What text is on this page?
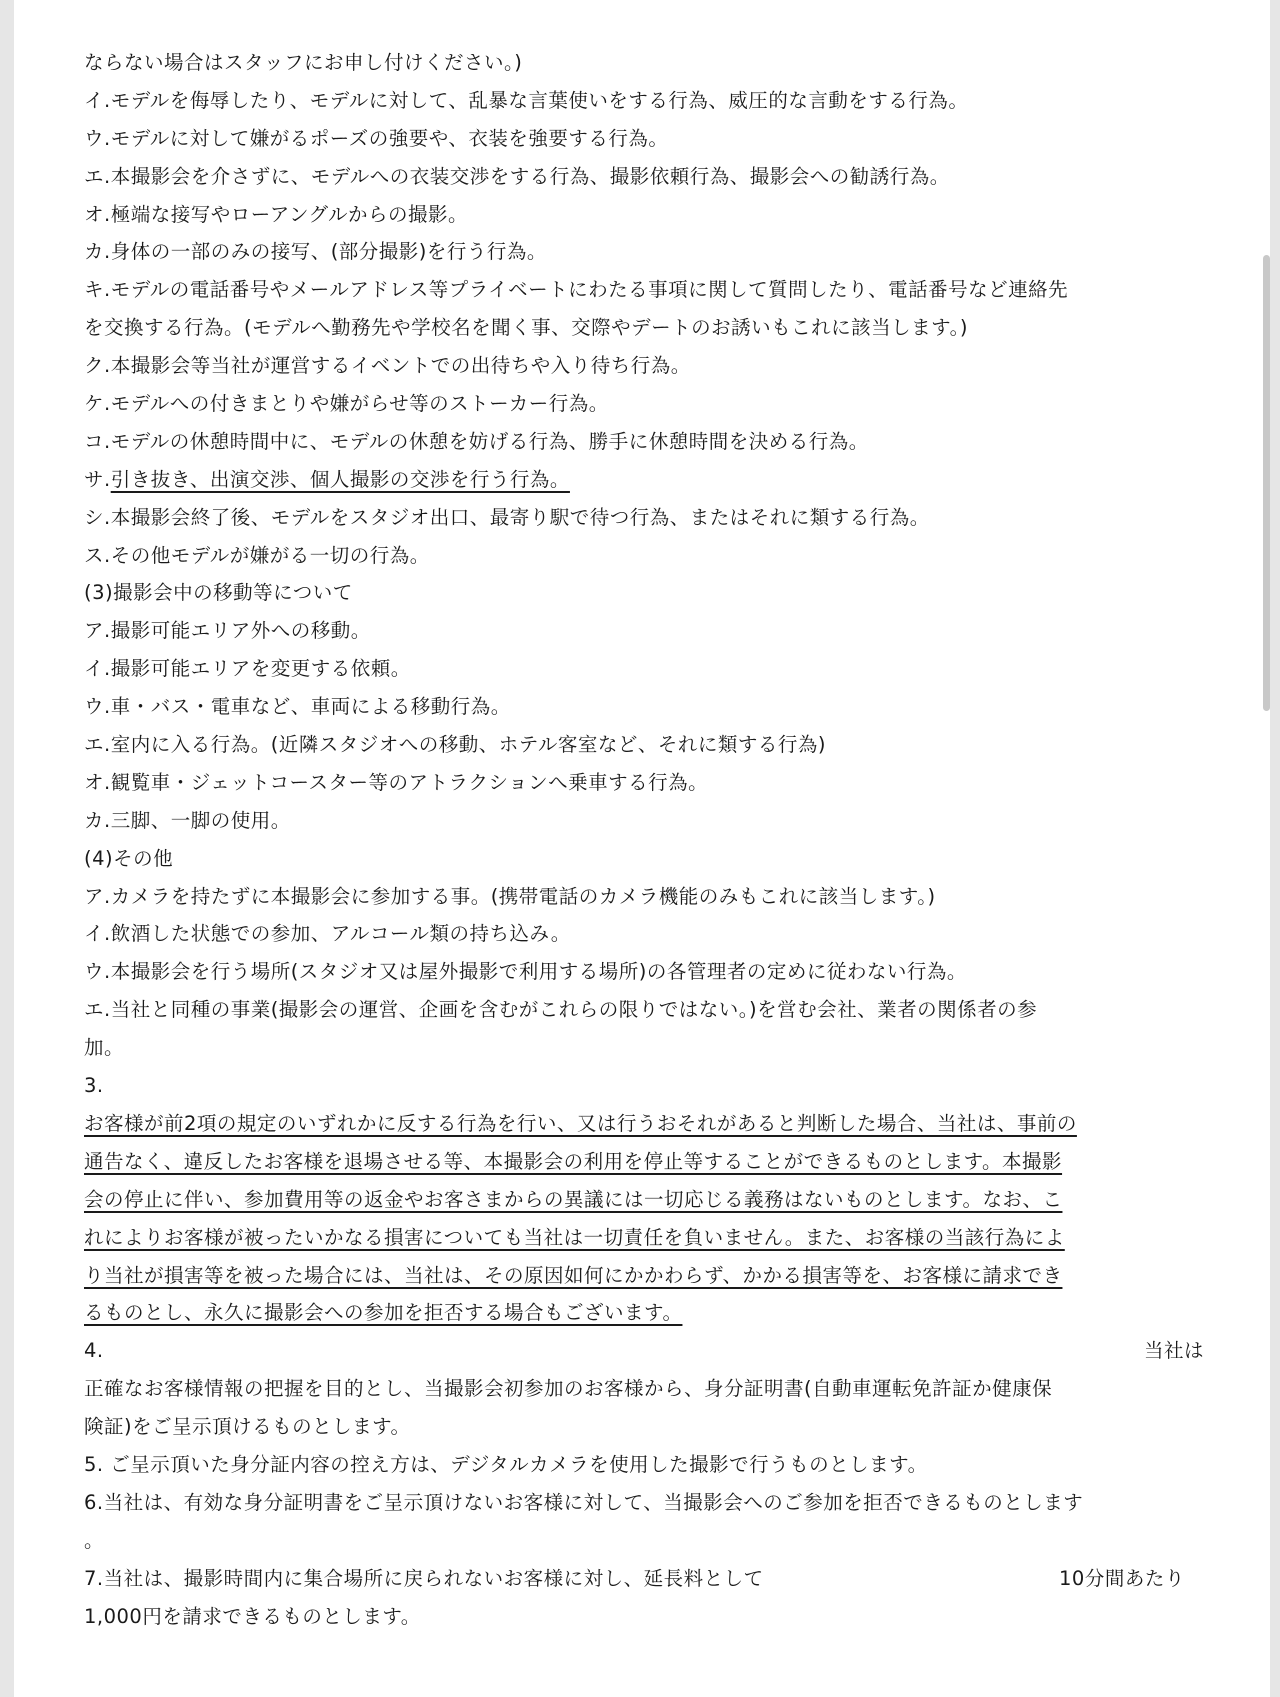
ならない場合はスタッフにお申し付けください。)
イ.モデルを侮辱したり、モデルに対して、乱暴な言葉使いをする行為、威圧的な言動をする行為。
ウ.モデルに対して嫌がるポーズの強要や、衣装を強要する行為。
エ.本撮影会を介さずに、モデルへの衣装交渉をする行為、撮影依頼行為、撮影会への勧誘行為。
オ.極端な接写やローアングルからの撮影。
カ.身体の一部のみの接写、(部分撮影)を行う行為。
キ.モデルの電話番号やメールアドレス等プライベートにわたる事項に関して質問したり、電話番号など連絡先
を交換する行為。(モデルへ勤務先や学校名を聞く事、交際やデートのお誘いもこれに該当します。)
ク.本撮影会等当社が運営するイベントでの出待ちや入り待ち行為。
ケ.モデルへの付きまとりや嫌がらせ等のストーカー行為。
コ.モデルの休憩時間中に、モデルの休憩を妨げる行為、勝手に休憩時間を決める行為。
サ.引き抜き、出演交渉、個人撮影の交渉を行う行為。
シ.本撮影会終了後、モデルをスタジオ出口、最寄り駅で待つ行為、またはそれに類する行為。
ス.その他モデルが嫌がる一切の行為。
(3)撮影会中の移動等について
ア.撮影可能エリア外への移動。
イ.撮影可能エリアを変更する依頼。
ウ.車・バス・電車など、車両による移動行為。
エ.室内に入る行為。(近隣スタジオへの移動、ホテル客室など、それに類する行為)
オ.観覧車・ジェットコースター等のアトラクションへ乗車する行為。
カ.三脚、一脚の使用。
(4)その他
ア.カメラを持たずに本撮影会に参加する事。(携帯電話のカメラ機能のみもこれに該当します。)
イ.飲酒した状態での参加、アルコール類の持ち込み。
ウ.本撮影会を行う場所(スタジオ又は屋外撮影で利用する場所)の各管理者の定めに従わない行為。
エ.当社と同種の事業(撮影会の運営、企画を含むがこれらの限りではない。)を営む会社、業者の関係者の参
加。
3.
お客様が前2項の規定のいずれかに反する行為を行い、又は行うおそれがあると判断した場合、当社は、事前の
通告なく、違反したお客様を退場させる等、本撮影会の利用を停止等することができるものとします。本撮影
会の停止に伴い、参加費用等の返金やお客さまからの異議には一切応じる義務はないものとします。なお、こ
れによりお客様が被ったいかなる損害についても当社は一切責任を負いません。また、お客様の当該行為によ
り当社が損害等を被った場合には、当社は、その原因如何にかかわらず、かかる損害等を、お客様に請求でき
るものとし、永久に撮影会への参加を拒否する場合もございます。
4.	当社は
正確なお客様情報の把握を目的とし、当撮影会初参加のお客様から、身分証明書(自動車運転免許証か健康保
険証)をご呈示頂けるものとします。
5. ご呈示頂いた身分証内容の控え方は、デジタルカメラを使用した撮影で行うものとします。
6.当社は、有効な身分証明書をご呈示頂けないお客様に対して、当撮影会へのご参加を拒否できるものとします
。
7.当社は、撮影時間内に集合場所に戻られないお客様に対し、延長料として	10分間あたり
1,000円を請求できるものとします。
